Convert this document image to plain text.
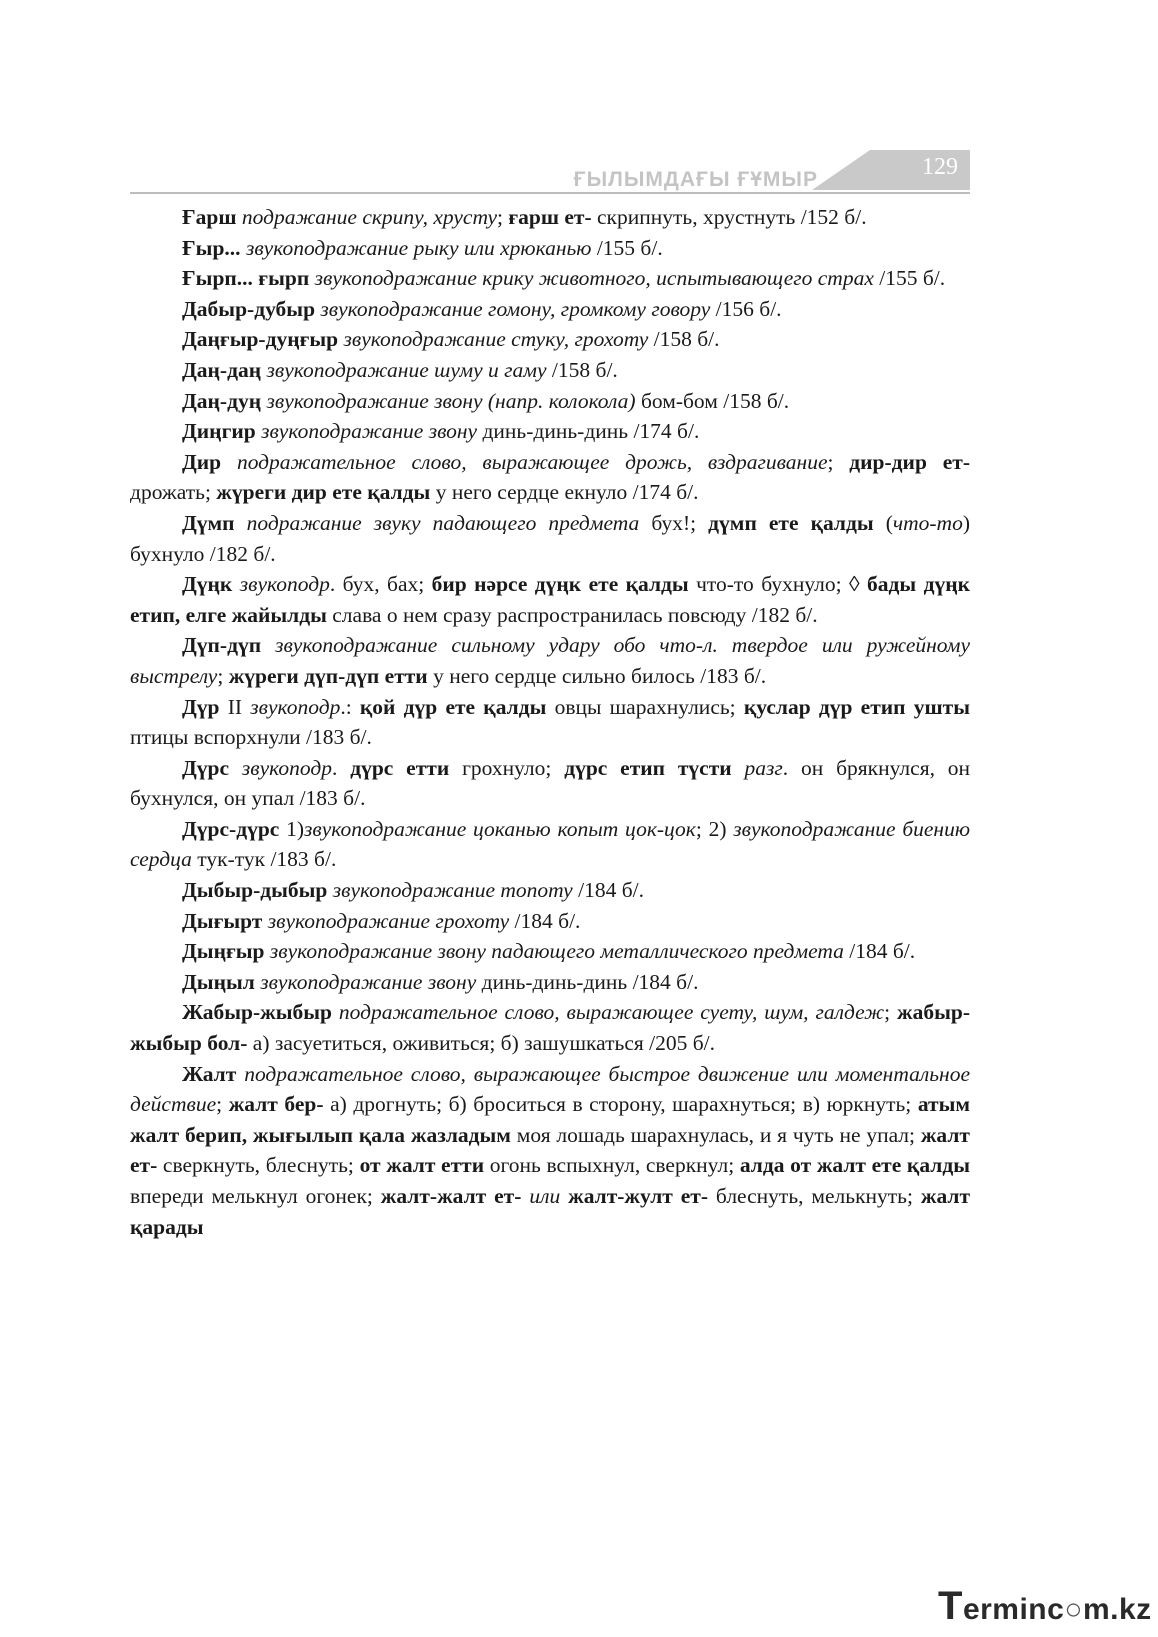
ҒЫЛЫМДАҒЫ ҒҰМЫР	129

Ғарш подражание скрипу, хрусту; ғарш ет- скрипнуть, хрустнуть /152 б/.

Ғыр... звукоподражание рыку или хрюканью /155 б/.

Ғырп... ғырп звукоподражание крику животного, испытывающего страх /155 б/.

Дабыр-дубыр звукоподражание гомону, громкому говору /156 б/.

Даңғыр-дуңғыр звукоподражание стуку, грохоту /158 б/.

Даң-даң звукоподражание шуму и гаму /158 б/.

Даң-дуң звукоподражание звону (напр. колокола) бом-бом /158 б/.

Диңгир звукоподражание звону динь-динь-динь /174 б/.

Дир подражательное слово, выражающее дрожь, вздрагивание; дир-дир ет- дрожать; жүреги дир ете қалды у него сердце екнуло /174 б/.

Дүмп подражание звуку падающего предмета бух!; дүмп ете қалды (что-то) бухнуло /182 б/.

Дүңк звукоподр. бух, бах; бир нәрсе дүңк ете қалды что-то бухнуло; ◊ бады дүңк етип, елге жайылды слава о нем сразу распространилась повсюду /182 б/.

Дүп-дүп звукоподражание сильному удару обо что-л. твердое или ружейному выстрелу; жүреги дүп-дүп етти у него сердце сильно билось /183 б/.

Дүр II звукоподр.: қой дүр ете қалды овцы шарахнулись; қуслар дүр етип ушты птицы вспорхнули /183 б/.

Дүрс звукоподр. дүрс етти грохнуло; дүрс етип түсти разг. он брякнулся, он бухнулся, он упал /183 б/.

Дүрс-дүрс 1)звукоподражание цоканью копыт цок-цок; 2) звукоподражание биению сердца тук-тук /183 б/.

Дыбыр-дыбыр звукоподражание топоту /184 б/.

Дығырт звукоподражание грохоту /184 б/.

Дыңғыр звукоподражание звону падающего металлического предмета /184 б/.

Дыңыл звукоподражание звону динь-динь-динь /184 б/.

Жабыр-жыбыр подражательное слово, выражающее суету, шум, галдеж; жабыр-жыбыр бол- а) засуетиться, оживиться; б) зашушкаться /205 б/.

Жалт подражательное слово, выражающее быстрое движение или моментальное действие; жалт бер- а) дрогнуть; б) броситься в сторону, шарахнуться; в) юркнуть; атым жалт берип, жығылып қала жазладым моя лошадь шарахнулась, и я чуть не упал; жалт ет- сверкнуть, блеснуть; от жалт етти огонь вспыхнул, сверкнул; алда от жалт ете қалды впереди мелькнул огонек; жалт-жалт ет- или жалт-жулт ет- блеснуть, мелькнуть; жалт қарады

Terminc○m.kz
